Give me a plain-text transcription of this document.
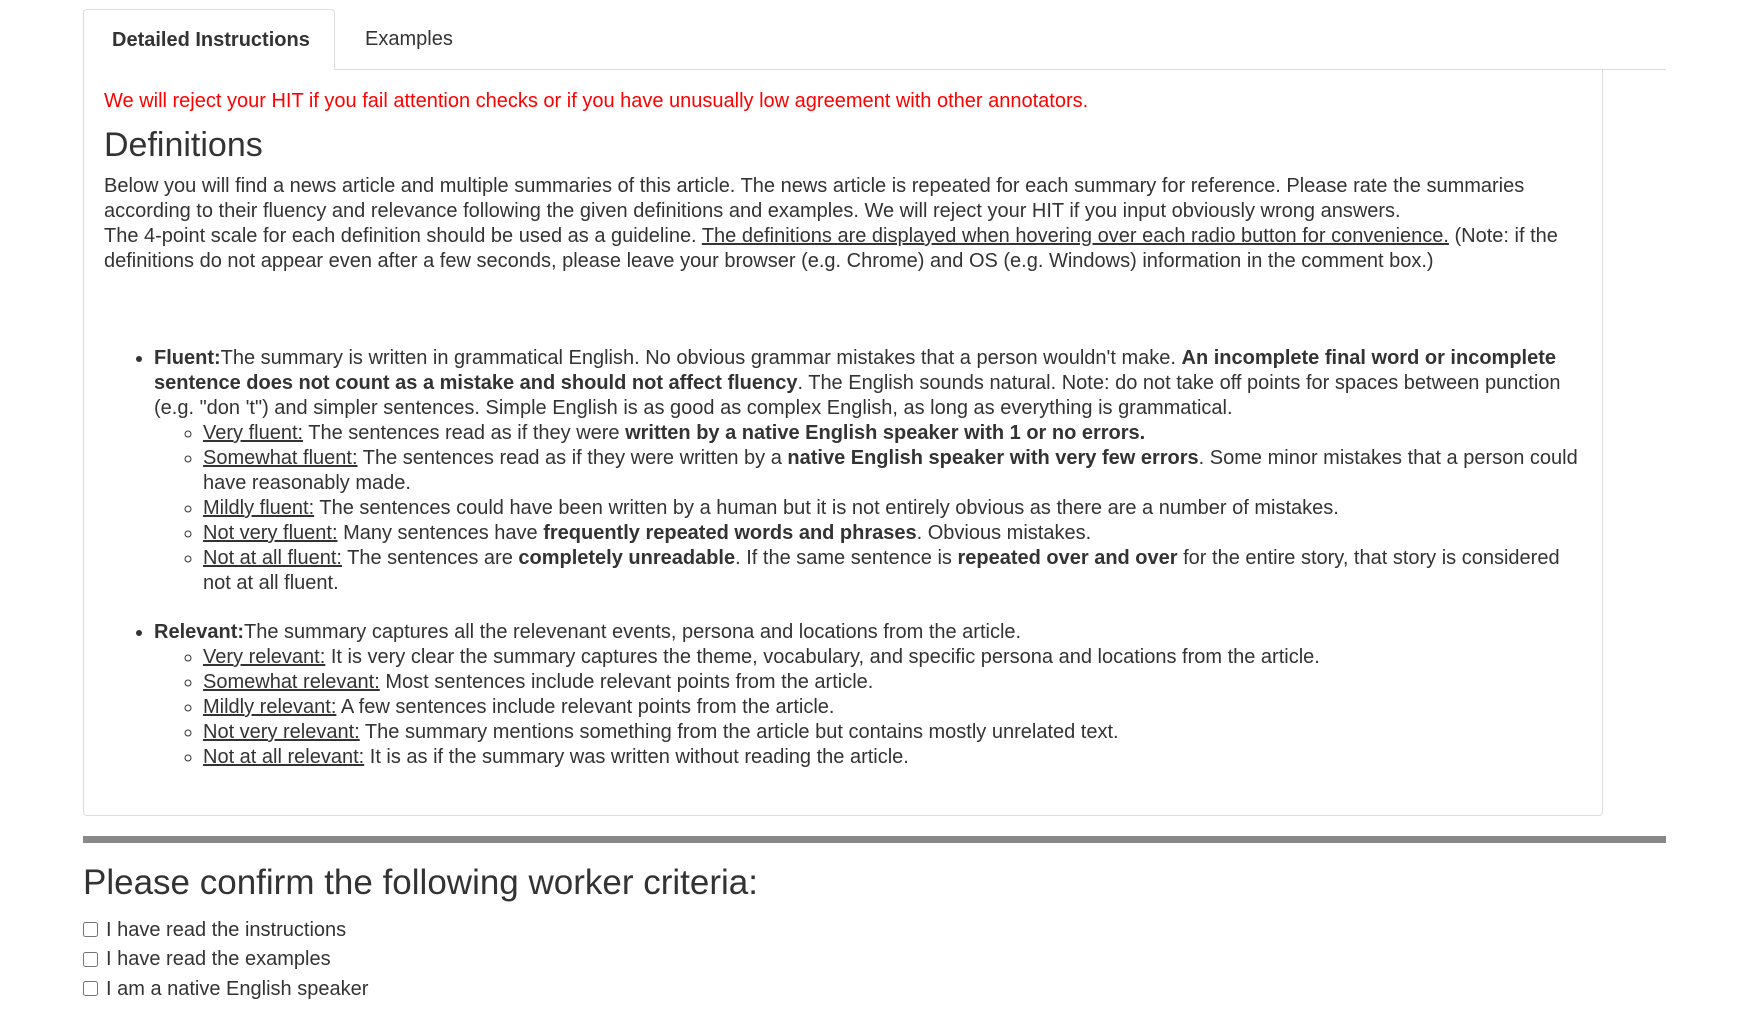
Detailed Instructions	Examples

We will reject your HIT if you fail attention checks or if you have unusually low agreement with other annotators.

Definitions

Below you will find a news article and multiple summaries of this article. The news article is repeated for each summary for reference. Please rate the summaries according to their fluency and relevance following the given definitions and examples. We will reject your HIT if you input obviously wrong answers.
The 4-point scale for each definition should be used as a guideline. The definitions are displayed when hovering over each radio button for convenience. (Note: if the definitions do not appear even after a few seconds, please leave your browser (e.g. Chrome) and OS (e.g. Windows) information in the comment box.)

• Fluent:The summary is written in grammatical English. No obvious grammar mistakes that a person wouldn't make. An incomplete final word or incomplete sentence does not count as a mistake and should not affect fluency. The English sounds natural. Note: do not take off points for spaces between punction (e.g. "don 't") and simpler sentences. Simple English is as good as complex English, as long as everything is grammatical.
◦ Very fluent: The sentences read as if they were written by a native English speaker with 1 or no errors.
◦ Somewhat fluent: The sentences read as if they were written by a native English speaker with very few errors. Some minor mistakes that a person could have reasonably made.
◦ Mildly fluent: The sentences could have been written by a human but it is not entirely obvious as there are a number of mistakes.
◦ Not very fluent: Many sentences have frequently repeated words and phrases. Obvious mistakes.
◦ Not at all fluent: The sentences are completely unreadable. If the same sentence is repeated over and over for the entire story, that story is considered not at all fluent.
• Relevant:The summary captures all the relevenant events, persona and locations from the article.
◦ Very relevant: It is very clear the summary captures the theme, vocabulary, and specific persona and locations from the article.
◦ Somewhat relevant: Most sentences include relevant points from the article.
◦ Mildly relevant: A few sentences include relevant points from the article.
◦ Not very relevant: The summary mentions something from the article but contains mostly unrelated text.
◦ Not at all relevant: It is as if the summary was written without reading the article.
Please confirm the following worker criteria:
I have read the instructions
I have read the examples
I am a native English speaker
